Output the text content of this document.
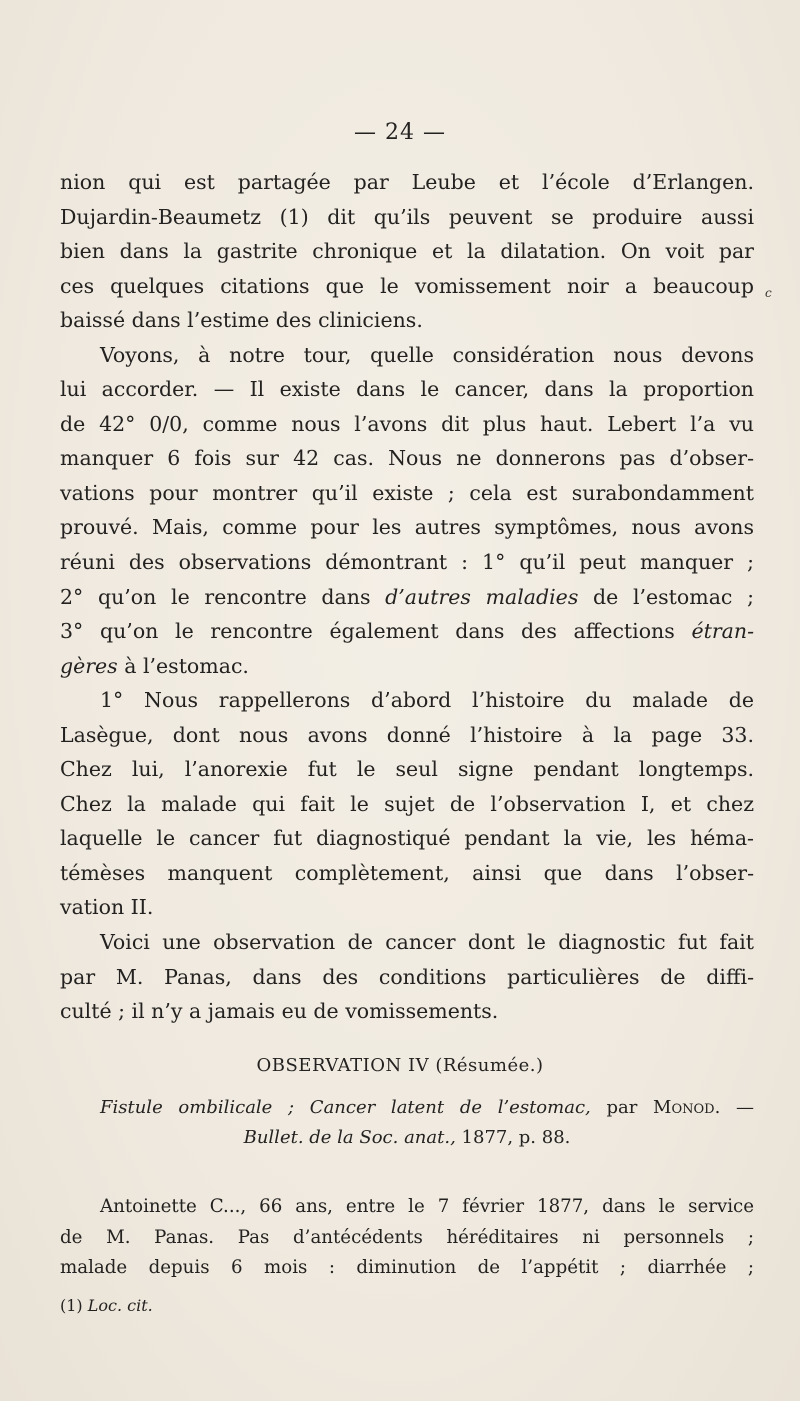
— 24 —
c
nion qui est partagée par Leube et l’école d’Erlangen.
Dujardin-Beaumetz (1) dit qu’ils peuvent se produire aussi
bien dans la gastrite chronique et la dilatation. On voit par
ces quelques citations que le vomissement noir a beaucoup
baissé dans l’estime des cliniciens.
Voyons, à notre tour, quelle considération nous devons
lui accorder. — Il existe dans le cancer, dans la proportion
de 42° 0/0, comme nous l’avons dit plus haut. Lebert l’a vu
manquer 6 fois sur 42 cas. Nous ne donnerons pas d’obser-
vations pour montrer qu’il existe ; cela est surabondamment
prouvé. Mais, comme pour les autres symptômes, nous avons
réuni des observations démontrant : 1° qu’il peut manquer ;
2° qu’on le rencontre dans d’autres maladies de l’estomac ;
3° qu’on le rencontre également dans des affections étran-
gères à l’estomac.
1° Nous rappellerons d’abord l’histoire du malade de
Lasègue, dont nous avons donné l’histoire à la page 33.
Chez lui, l’anorexie fut le seul signe pendant longtemps.
Chez la malade qui fait le sujet de l’observation I, et chez
laquelle le cancer fut diagnostiqué pendant la vie, les héma-
témèses manquent complètement, ainsi que dans l’obser-
vation II.
Voici une observation de cancer dont le diagnostic fut fait
par M. Panas, dans des conditions particulières de diffi-
culté ; il n’y a jamais eu de vomissements.
OBSERVATION IV (Résumée.)
Fistule ombilicale ; Cancer latent de l’estomac, par Monod. —
Bullet. de la Soc. anat., 1877, p. 88.
Antoinette C..., 66 ans, entre le 7 février 1877, dans le service
de M. Panas. Pas d’antécédents héréditaires ni personnels ;
malade depuis 6 mois : diminution de l’appétit ; diarrhée ;
(1) Loc. cit.
